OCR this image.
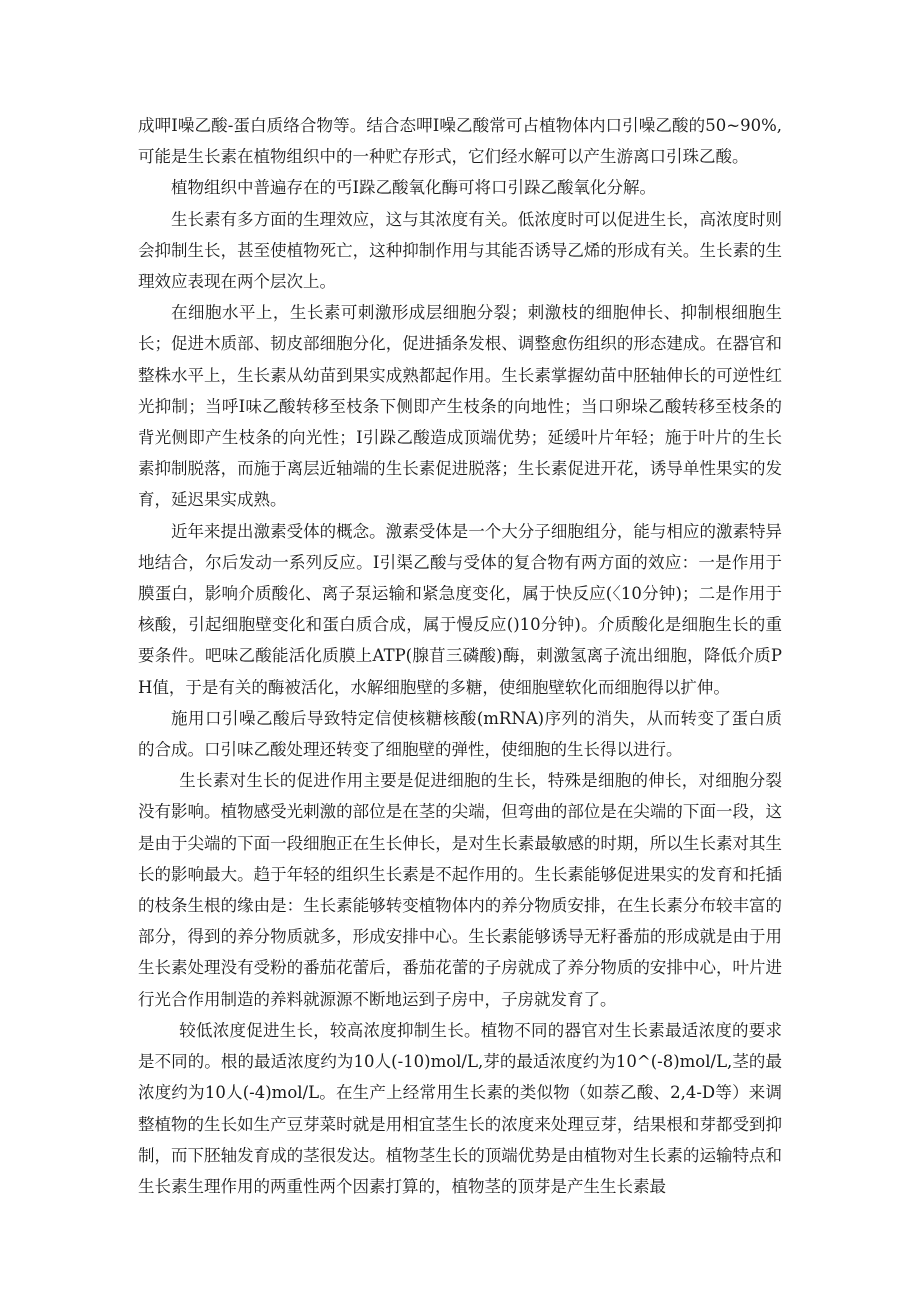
成呷Ⅰ噪乙酸-蛋白质络合物等。结合态呷Ⅰ噪乙酸常可占植物体内口引噪乙酸的50~90%,可能是生长素在植物组织中的一种贮存形式，它们经水解可以产生游离口引珠乙酸。

植物组织中普遍存在的丐Ⅰ跺乙酸氧化酶可将口引跺乙酸氧化分解。

生长素有多方面的生理效应，这与其浓度有关。低浓度时可以促进生长，高浓度时则会抑制生长，甚至使植物死亡，这种抑制作用与其能否诱导乙烯的形成有关。生长素的生理效应表现在两个层次上。

在细胞水平上，生长素可刺激形成层细胞分裂；刺激枝的细胞伸长、抑制根细胞生长；促进木质部、韧皮部细胞分化，促进插条发根、调整愈伤组织的形态建成。在器官和整株水平上，生长素从幼苗到果实成熟都起作用。生长素掌握幼苗中胚轴伸长的可逆性红光抑制；当呼Ⅰ味乙酸转移至枝条下侧即产生枝条的向地性；当口卵垛乙酸转移至枝条的背光侧即产生枝条的向光性；Ⅰ引跺乙酸造成顶端优势；延缓叶片年轻；施于叶片的生长素抑制脱落，而施于离层近轴端的生长素促进脱落；生长素促进开花，诱导单性果实的发育，延迟果实成熟。

近年来提出激素受体的概念。激素受体是一个大分子细胞组分，能与相应的激素特异地结合，尔后发动一系列反应。Ⅰ引渠乙酸与受体的复合物有两方面的效应：一是作用于膜蛋白，影响介质酸化、离子泵运输和紧急度变化，属于快反应(〈10分钟)；二是作用于核酸，引起细胞壁变化和蛋白质合成，属于慢反应()10分钟)。介质酸化是细胞生长的重要条件。吧味乙酸能活化质膜上ATP(腺苜三磷酸)酶，刺激氢离子流出细胞，降低介质PH值，于是有关的酶被活化，水解细胞壁的多糖，使细胞壁软化而细胞得以扩伸。

施用口引噪乙酸后导致特定信使核糖核酸(mRNA)序列的消失，从而转变了蛋白质的合成。口引味乙酸处理还转变了细胞壁的弹性，使细胞的生长得以进行。

生长素对生长的促进作用主要是促进细胞的生长，特殊是细胞的伸长，对细胞分裂没有影响。植物感受光刺激的部位是在茎的尖端，但弯曲的部位是在尖端的下面一段，这是由于尖端的下面一段细胞正在生长伸长，是对生长素最敏感的时期，所以生长素对其生长的影响最大。趋于年轻的组织生长素是不起作用的。生长素能够促进果实的发育和托插的枝条生根的缘由是：生长素能够转变植物体内的养分物质安排，在生长素分布较丰富的部分，得到的养分物质就多，形成安排中心。生长素能够诱导无籽番茄的形成就是由于用生长素处理没有受粉的番茄花蕾后，番茄花蕾的子房就成了养分物质的安排中心，叶片进行光合作用制造的养料就源源不断地运到子房中，子房就发育了。

较低浓度促进生长，较高浓度抑制生长。植物不同的器官对生长素最适浓度的要求是不同的。根的最适浓度约为10人(-10)mol/L,芽的最适浓度约为10^(-8)mol/L,茎的最浓度约为10人(-4)mol/L。在生产上经常用生长素的类似物（如萘乙酸、2,4-D等）来调整植物的生长如生产豆芽菜时就是用相宜茎生长的浓度来处理豆芽，结果根和芽都受到抑制，而下胚轴发育成的茎很发达。植物茎生长的顶端优势是由植物对生长素的运输特点和生长素生理作用的两重性两个因素打算的，植物茎的顶芽是产生生长素最
